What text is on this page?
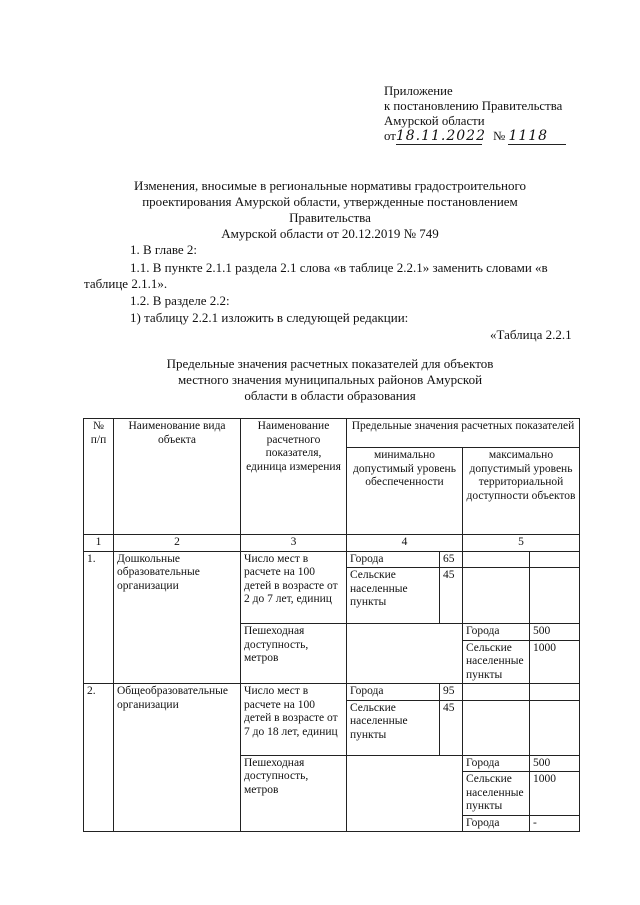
Приложение
к постановлению Правительства
Амурской области
от18.11.2022 № 1118
Изменения, вносимые в региональные нормативы градостроительного
проектирования Амурской области, утвержденные постановлением Правительства
Амурской области от 20.12.2019 № 749
1. В главе 2:
1.1. В пункте 2.1.1 раздела 2.1 слова «в таблице 2.2.1» заменить словами «в
таблице 2.1.1».
1.2. В разделе 2.2:
1) таблицу 2.2.1 изложить в следующей редакции:
«Таблица 2.2.1
Предельные значения расчетных показателей для объектов
местного значения муниципальных районов Амурской
области в области образования
№ п/п	Наименование вида объекта	Наименование расчетного показателя, единица измерения	Предельные значения расчетных показателей			
			минимально допустимый уровень обеспеченности		максимально допустимый уровень территориальной доступности объектов	
1	2	3	4		5	
1.	Дошкольные образовательные организации	Число мест в расчете на 100 детей в возрасте от 2 до 7 лет, единиц	Города	65		
			Сельские населенные пункты	45		
		Пешеходная доступность, метров			Города	500
					Сельские населенные пункты	1000
2.	Общеобразовательные организации	Число мест в расчете на 100 детей в возрасте от 7 до 18 лет, единиц	Города	95		
			Сельские населенные пункты	45		
		Пешеходная доступность, метров			Города	500
					Сельские населенные пункты	1000
					Города	-
